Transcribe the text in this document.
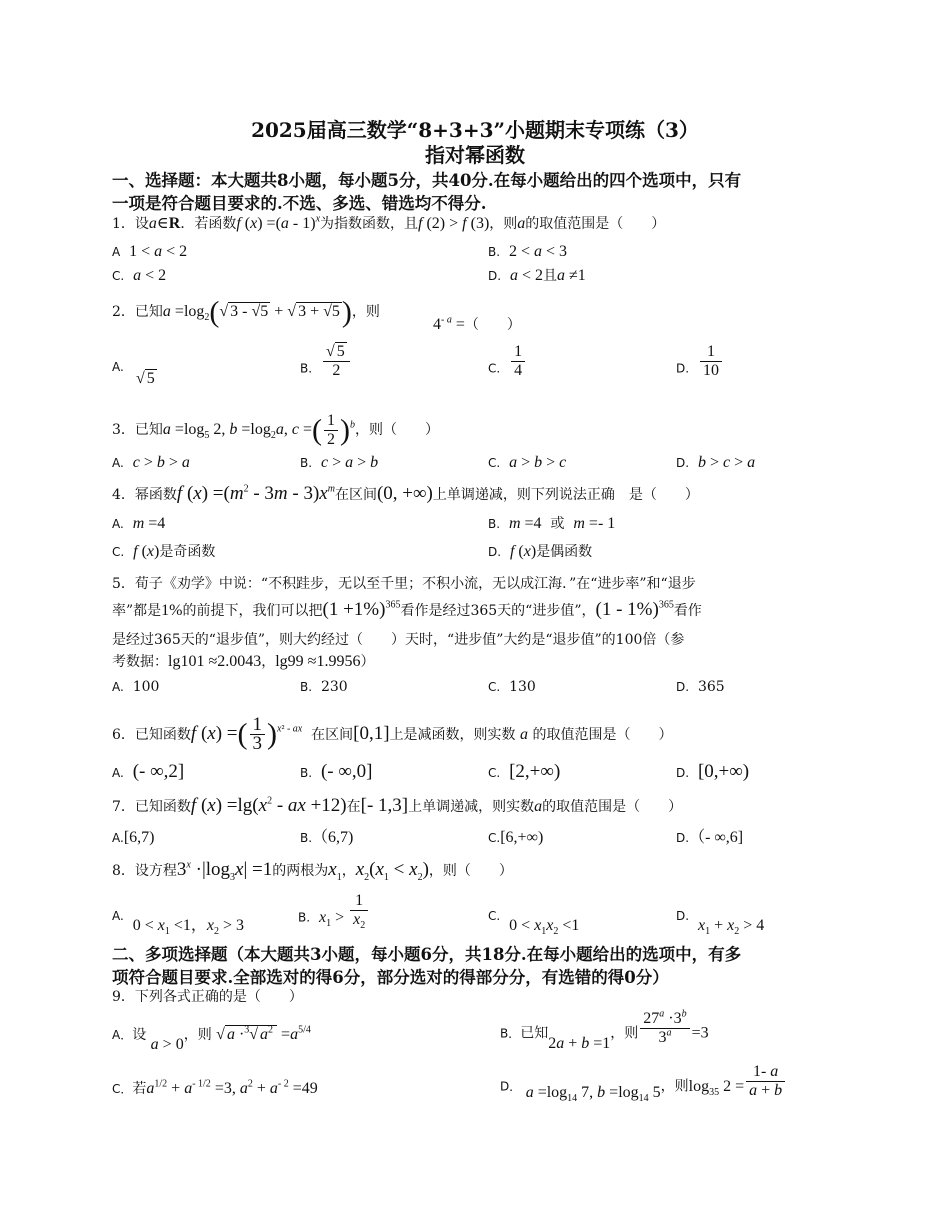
2025届高三数学“8+3+3”小题期末专项练（3）
指对幂函数
一、选择题：本大题共8小题，每小题5分，共40分.在每小题给出的四个选项中，只有
一项是符合题目要求的.不选、多选、错选均不得分.
1．设a∈R．若函数f (x) =(a - 1)$^x$为指数函数，且f (2) > f (3)，则a的取值范围是（　　）
A 1 < a < 2	B. 2 < a < 3
C. a < 2	D. a < 2且a ≠1
2．已知$a =\log_2(√$ 3 - √5 + √ 3 + √5)，则
$4^{- a}$ =（　　）
A.
√ 5
B. $\frac{√ 5}{2}$	C. $\frac{1}{4}$	D. $\frac{1}{10}$
3．已知$a =\log_5$ 2, $b =\log_2a$, c =( $\frac{1}{2} )^b$，则（　　）
A. c > b > a	B. c > a > b	C. a > b > c	D. b > c > a
4．幂函数f $(x) =(m^2 - 3m - 3)x^m$在区间(0, +∞)上单调递减，则下列说法正确　是（　　）
A. m =4	B. m =4 或 m =- 1
C. f (x)是奇函数	D. f (x)是偶函数
5．荀子《劝学》中说：“不积跬步，无以至千里；不积小流，无以成江海．”在“进步率”和“退步
率”都是1%的前提下，我们可以把$(1 +1\%)^{365}$看作是经过365天的“进步值”，(1 - 1%)$^{365}$看作
是经过365天的“退步值”，则大约经过（　　）天时，“进步值”大约是“退步值”的100倍（参
考数据：lg101 ≈2.0043，lg99 ≈1.9956）
A. 100	B. 230	C. 130	D. 365
6．已知函数f (x) =( $\frac{1}{3} )^{x^2 - ax}$ 在区间[0,1]上是减函数，则实数 a 的取值范围是（　　）
A. (- ∞,2]	B. (- ∞,0]	C. [2,+∞)	D. [0,+∞)
7．已知函数f $(x) =\lg(x^2$ - ax +12)在[- 1,3]上单调递减，则实数a的取值范围是（　　）
A.[6,7)	B.（6,7)	C.[6,+∞)	D.（- ∞,6]
8．设方程$3^x \cdot|\log_3x| =1$的两根为$x_1$，$x_2(x_1 < x_2)$，则（　　）
A.  $0 < x_1 <1$，$x_2 > 3$	B. $x_1 > \frac{1}{x_2}$	C.  $0 < x_1x_2 <1$
D.  $x_1 + x_2 > 4$
二、多项选择题（本大题共3小题，每小题6分，共18分.在每小题给出的选项中，有多
项符合题目要求.全部选对的得6分，部分选对的得部分分，有选错的得0分）
9．下列各式正确的是（　　）
A．设 a > 0，则 √ a ·$^3$√ $a^2 =a^{5/4}$	B．已知2a + b =1，则 $\frac{27^a \cdot 3^b}{3^a} =3$
C．若$a^{1/2} + a^{- 1/2} =3$, $a^2 + a^{- 2} =49$	D． $a =\log_{14}$ 7, $b =\log_{14}$ 5，则$\log_{35} 2 = \frac{1- a}{a + b}$
